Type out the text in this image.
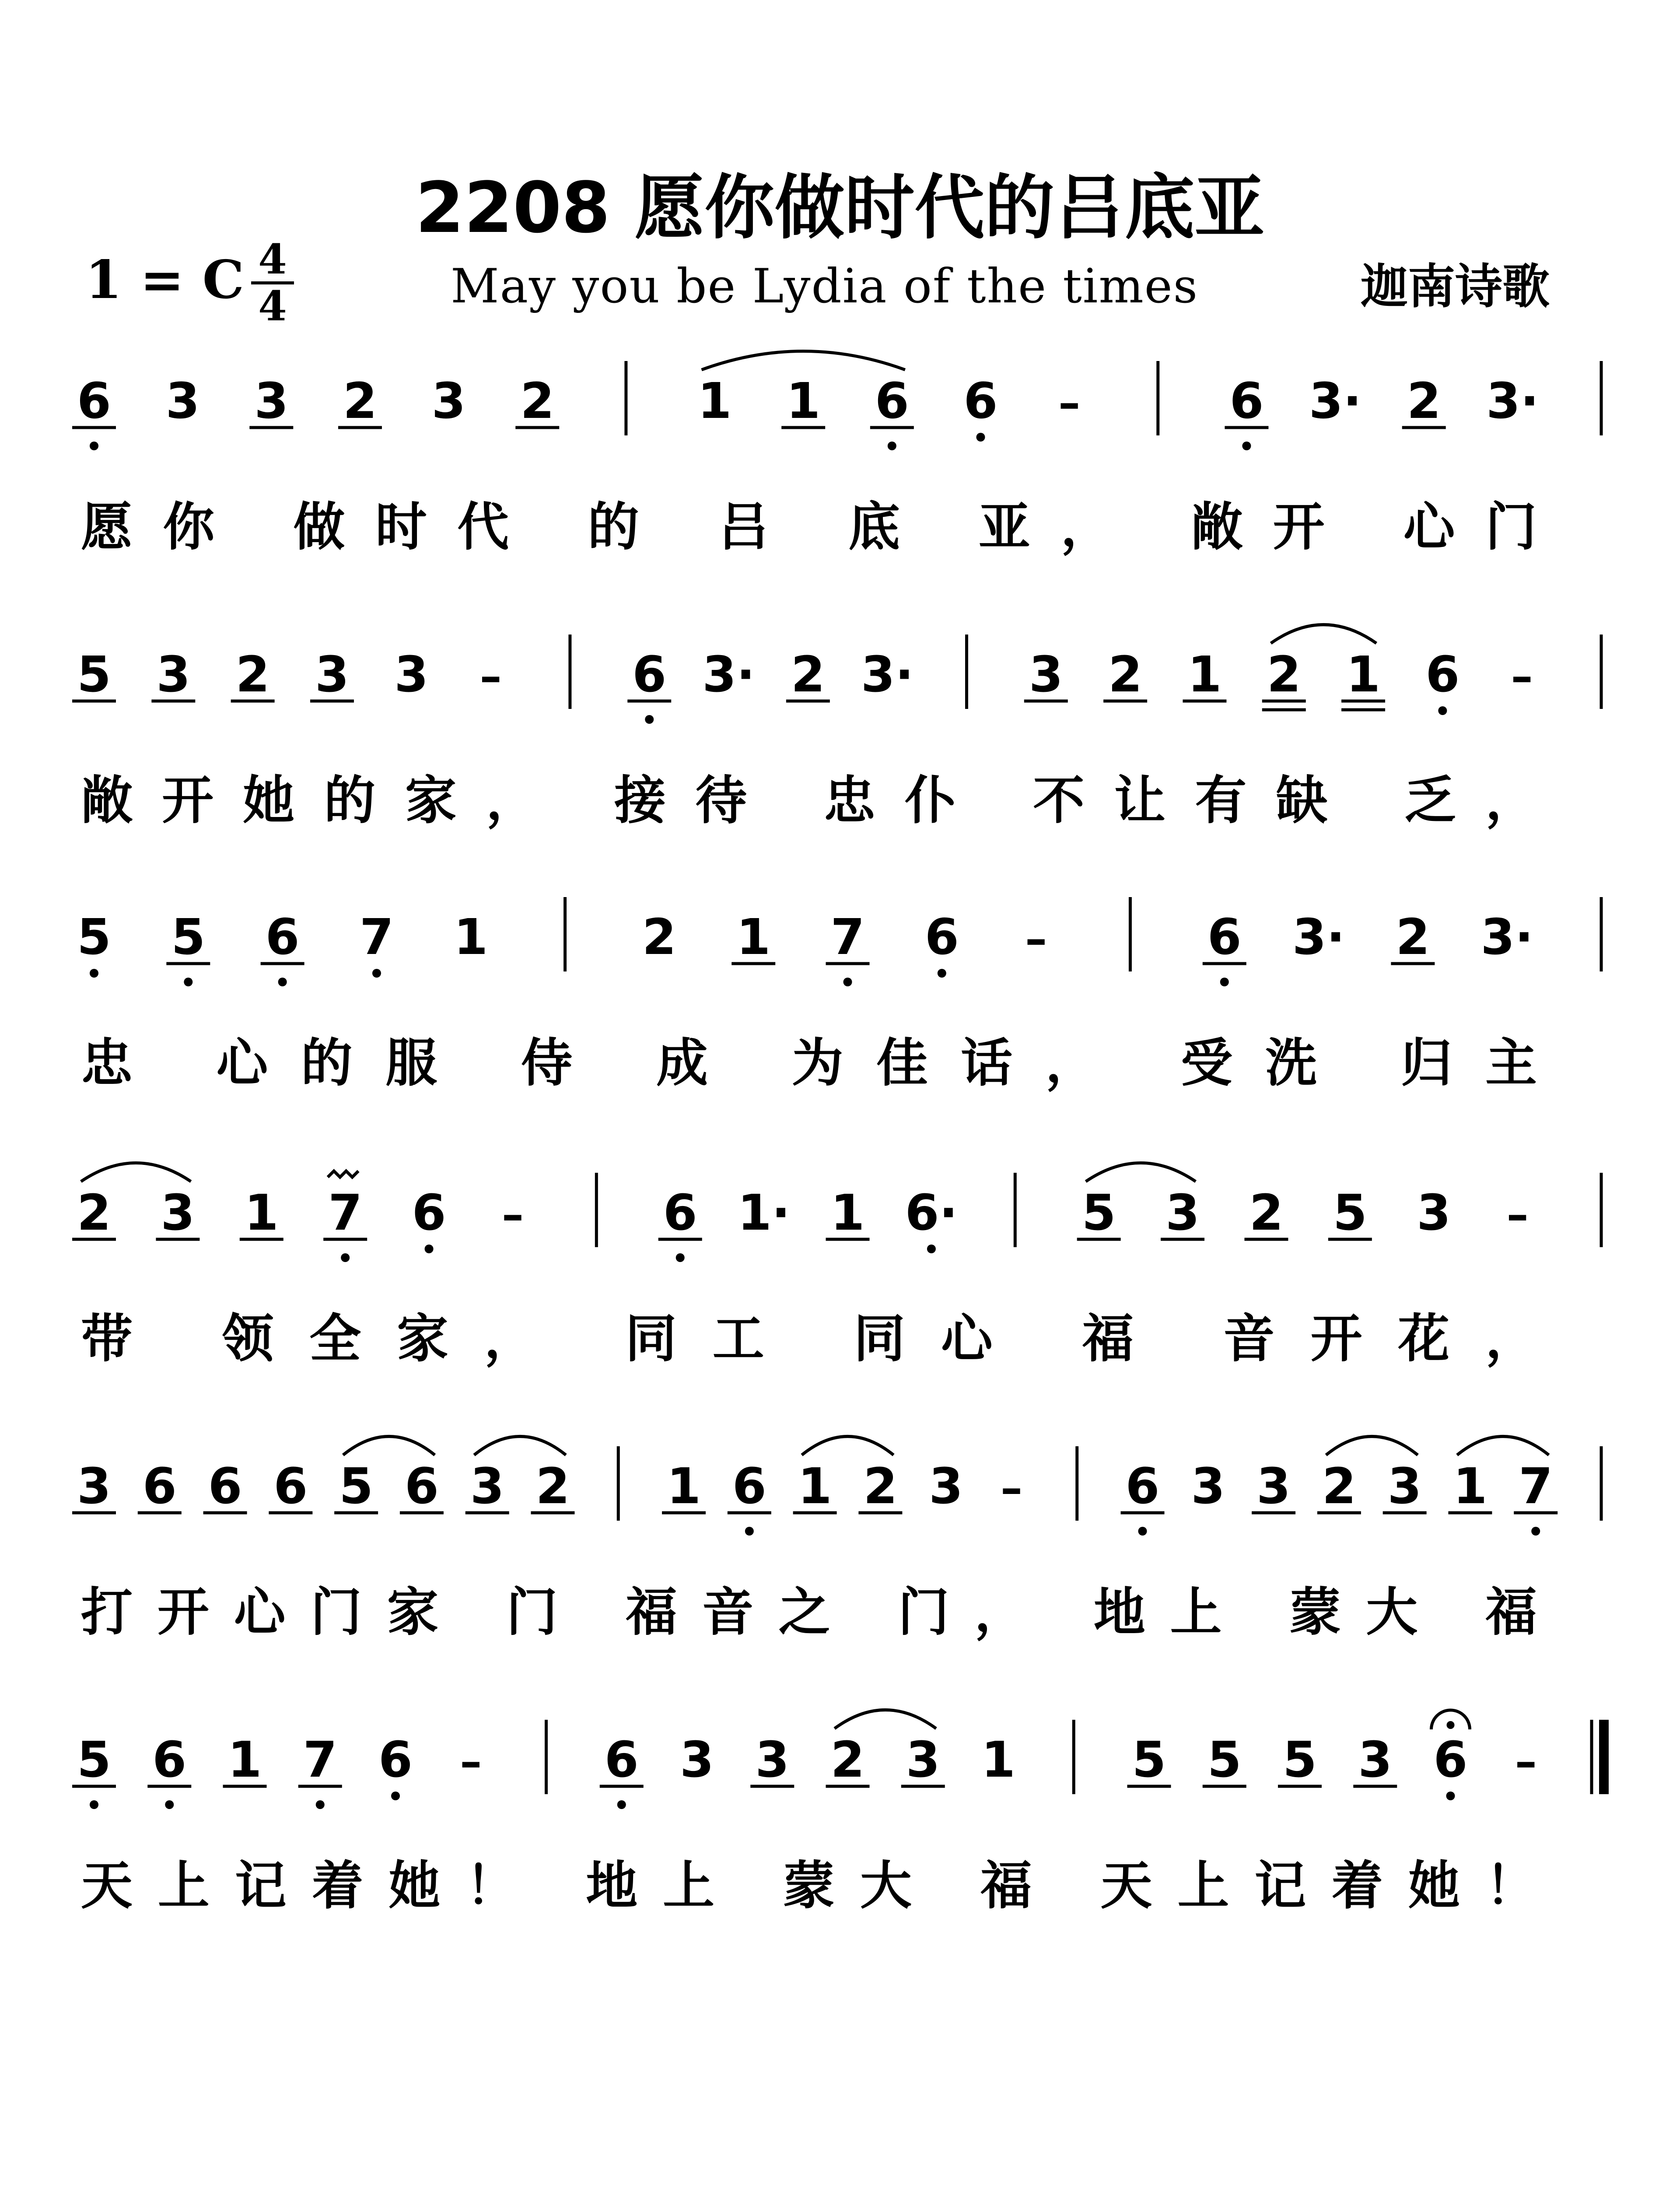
2208 愿你做时代的吕底亚
1 = C 4
4	May you be Lydia of the times	迦南诗歌
6 3 3 2 3 2	1 1 6 6 –	6 3· 2 3·
愿你 做时代 的 吕 底 亚， 敞开 心门
5 3 2 3 3 –	6 3· 2 3· 3 2 1 2 1 6 –
敞开她的家， 接待 忠仆 不让有缺 乏，
5 5 6 7 1	2 1 7 6 –	6 3· 2 3·
忠 心的服 侍 成 为佳话， 受洗 归主
2 3 1 7 6 –	6 1· 1 6·	5 3 2 5 3 –
带 领全家， 同工 同心 福 音开花，
3 6 6 6 5 6 3 2 1 6 1 2 3 – 6 3 3 2 3 1 7
打开心门家 门 福音之 门， 地上 蒙大 福
5 6 1 7 6 –	6 3 3 2 3 1 5 5 5 3 6 –
天上记着她！ 地上 蒙大 福 天上记着她！
